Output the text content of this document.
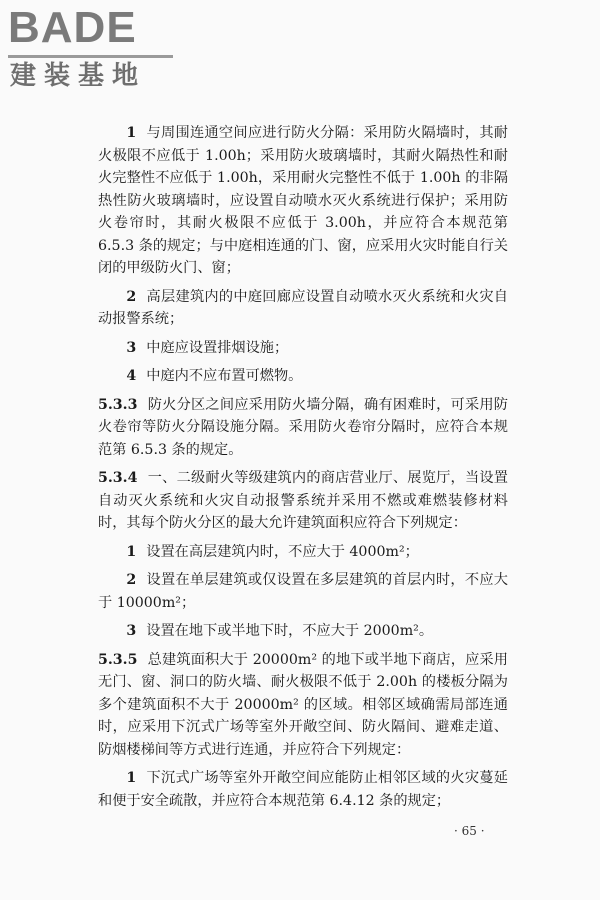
BADE
建装基地

1 与周围连通空间应进行防火分隔：采用防火隔墙时，其耐火极限不应低于 1.00h；采用防火玻璃墙时，其耐火隔热性和耐火完整性不应低于 1.00h，采用耐火完整性不低于 1.00h 的非隔热性防火玻璃墙时，应设置自动喷水灭火系统进行保护；采用防火卷帘时，其耐火极限不应低于 3.00h，并应符合本规范第 6.5.3 条的规定；与中庭相连通的门、窗，应采用火灾时能自行关闭的甲级防火门、窗；

2 高层建筑内的中庭回廊应设置自动喷水灭火系统和火灾自动报警系统；

3 中庭应设置排烟设施；

4 中庭内不应布置可燃物。

5.3.3 防火分区之间应采用防火墙分隔，确有困难时，可采用防火卷帘等防火分隔设施分隔。采用防火卷帘分隔时，应符合本规范第 6.5.3 条的规定。

5.3.4 一、二级耐火等级建筑内的商店营业厅、展览厅，当设置自动灭火系统和火灾自动报警系统并采用不燃或难燃装修材料时，其每个防火分区的最大允许建筑面积应符合下列规定：

1 设置在高层建筑内时，不应大于 4000m²；

2 设置在单层建筑或仅设置在多层建筑的首层内时，不应大于 10000m²；

3 设置在地下或半地下时，不应大于 2000m²。

5.3.5 总建筑面积大于 20000m² 的地下或半地下商店，应采用无门、窗、洞口的防火墙、耐火极限不低于 2.00h 的楼板分隔为多个建筑面积不大于 20000m² 的区域。相邻区域确需局部连通时，应采用下沉式广场等室外开敞空间、防火隔间、避难走道、防烟楼梯间等方式进行连通，并应符合下列规定：

1 下沉式广场等室外开敞空间应能防止相邻区域的火灾蔓延和便于安全疏散，并应符合本规范第 6.4.12 条的规定；

· 65 ·
